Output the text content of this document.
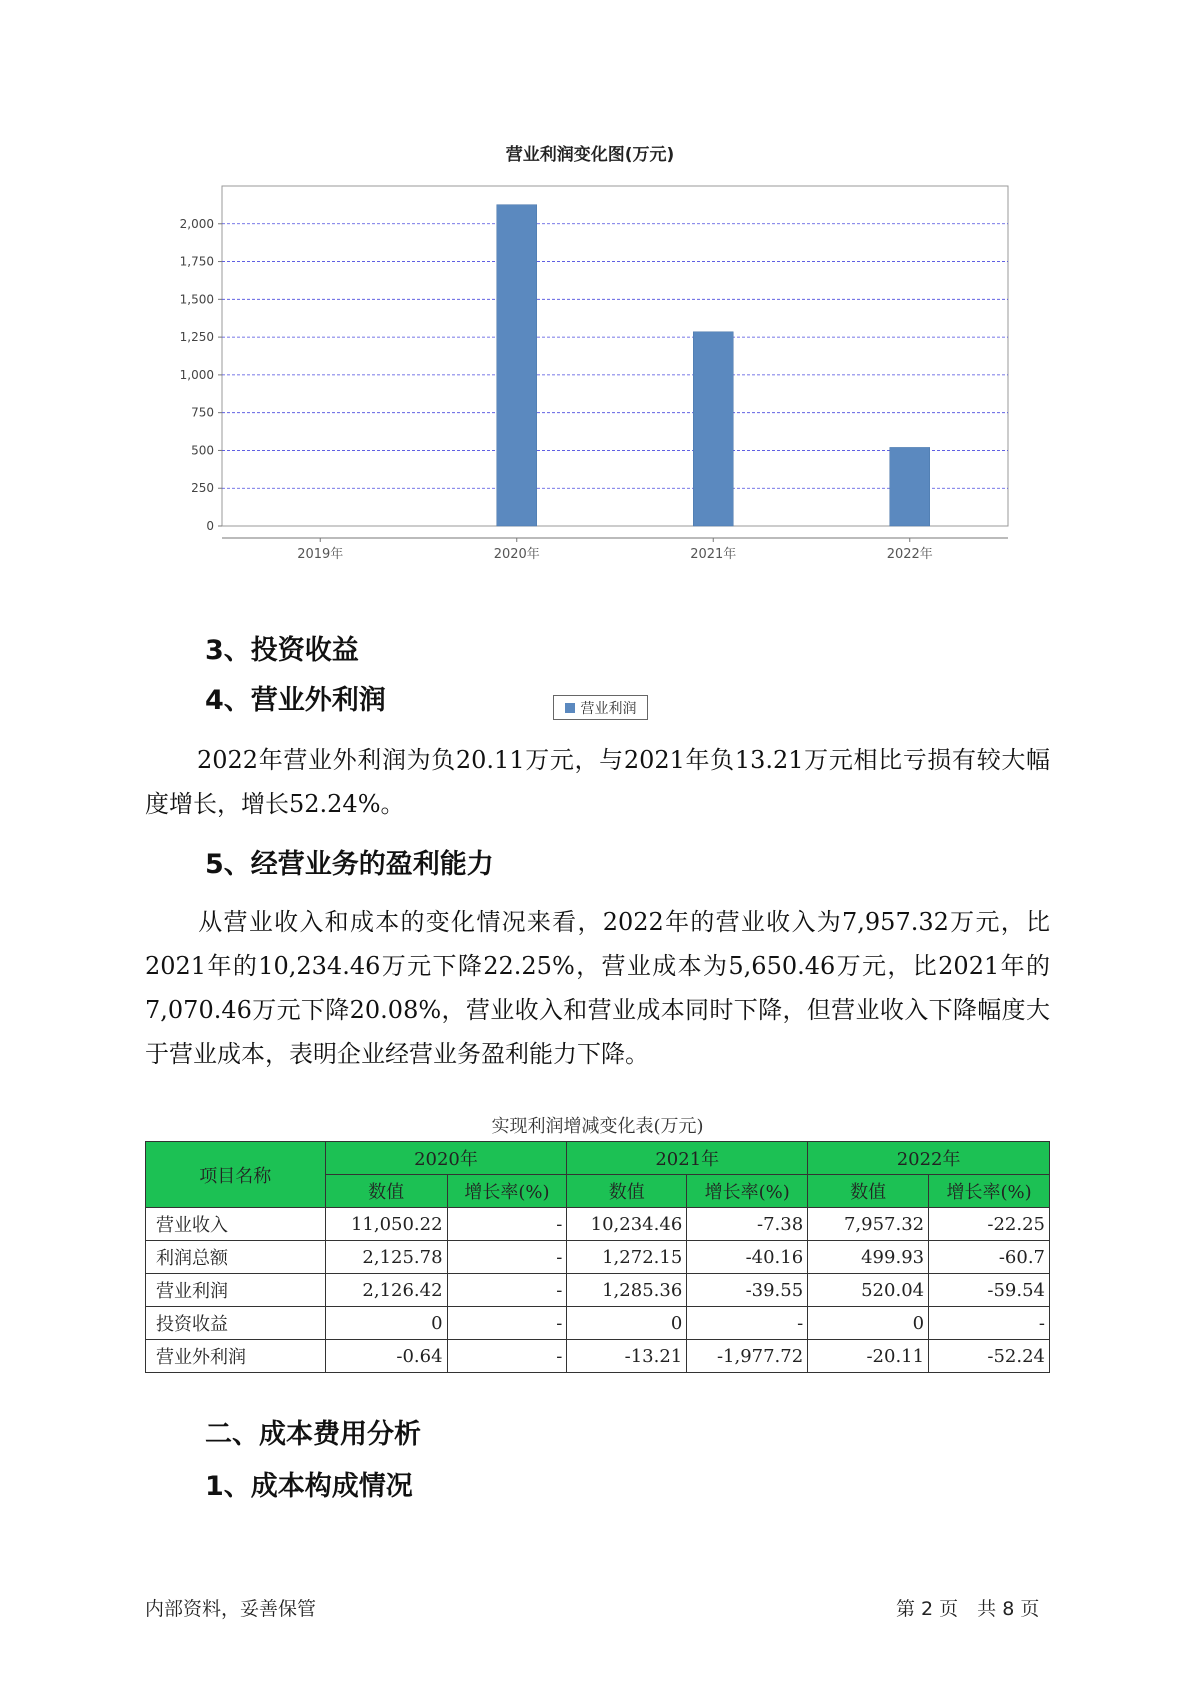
营业利润变化图(万元)
0
250
500
750
1,000
1,250
1,500
1,750
2,000
2019年	2020年	2021年	2022年
营业利润
3、投资收益
4、营业外利润

2022年营业外利润为负20.11万元，与2021年负13.21万元相比亏损有较大幅度增长，增长52.24%。

5、经营业务的盈利能力

从营业收入和成本的变化情况来看，2022年的营业收入为7,957.32万元，比2021年的10,234.46万元下降22.25%，营业成本为5,650.46万元，比2021年的7,070.46万元下降20.08%，营业收入和营业成本同时下降，但营业收入下降幅度大于营业成本，表明企业经营业务盈利能力下降。

实现利润增减变化表(万元)
项目名称	2020年		2021年		2022年	
	数值	增长率(%)	数值	增长率(%)	数值	增长率(%)
营业收入	11,050.22	-	10,234.46	-7.38	7,957.32	-22.25
利润总额	2,125.78	-	1,272.15	-40.16	499.93	-60.7
营业利润	2,126.42	-	1,285.36	-39.55	520.04	-59.54
投资收益	0	-	0	-	0	-
营业外利润	-0.64	-	-13.21	-1,977.72	-20.11	-52.24
二、成本费用分析
1、成本构成情况
内部资料，妥善保管	第 2 页　共 8 页
